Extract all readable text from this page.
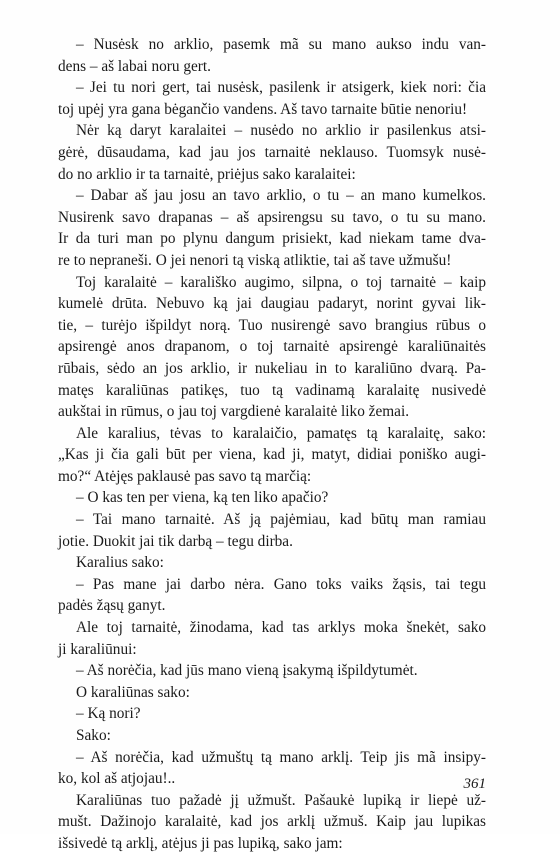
– Nusėsk no arklio, pasemk mã su mano aukso indu van-
dens – aš labai noru gert.
– Jei tu nori gert, tai nusėsk, pasilenk ir atsigerk, kiek nori: čia
toj upėj yra gana bėgančio vandens. Aš tavo tarnaite būtie nenoriu!
Nėr ką daryt karalaitei – nusėdo no arklio ir pasilenkus atsi-
gėrė, dūsaudama, kad jau jos tarnaitė neklauso. Tuomsyk nusė-
do no arklio ir ta tarnaitė, priėjus sako karalaitei:
– Dabar aš jau josu an tavo arklio, o tu – an mano kumelkos.
Nusirenk savo drapanas – aš apsirengsu su tavo, o tu su mano.
Ir da turi man po plynu dangum prisiekt, kad niekam tame dva-
re to nepraneši. O jei nenori tą viską atliktie, tai aš tave užmušu!
Toj karalaitė – karališko augimo, silpna, o toj tarnaitė – kaip
kumelė drūta. Nebuvo ką jai daugiau padaryt, norint gyvai lik-
tie, – turėjo išpildyt norą. Tuo nusirengė savo brangius rūbus o
apsirengė anos drapanom, o toj tarnaitė apsirengė karaliūnaitės
rūbais, sėdo an jos arklio, ir nukeliau in to karaliūno dvarą. Pa-
matęs karaliūnas patikęs, tuo tą vadinamą karalaitę nusivedė
aukštai in rūmus, o jau toj vargdienė karalaitė liko žemai.
Ale karalius, tėvas to karalaičio, pamatęs tą karalaitę, sako:
„Kas ji čia gali būt per viena, kad ji, matyt, didiai poniško augi-
mo?“ Atėjęs paklausė pas savo tą marčią:
– O kas ten per viena, ką ten liko apačio?
– Tai mano tarnaitė. Aš ją pajėmiau, kad būtų man ramiau
jotie. Duokit jai tik darbą – tegu dirba.
Karalius sako:
– Pas mane jai darbo nėra. Gano toks vaiks žąsis, tai tegu
padės žąsų ganyt.
Ale toj tarnaitė, žinodama, kad tas arklys moka šnekėt, sako
ji karaliūnui:
– Aš norėčia, kad jūs mano vieną įsakymą išpildytumėt.
O karaliūnas sako:
– Ką nori?
Sako:
– Aš norėčia, kad užmuštų tą mano arklį. Teip jis mã insipy-
ko, kol aš atjojau!..
Karaliūnas tuo pažadė jį užmušt. Pašaukė lupiką ir liepė už-
mušt. Dažinojo karalaitė, kad jos arklį užmuš. Kaip jau lupikas
išsivedė tą arklį, atėjus ji pas lupiką, sako jam:
361
